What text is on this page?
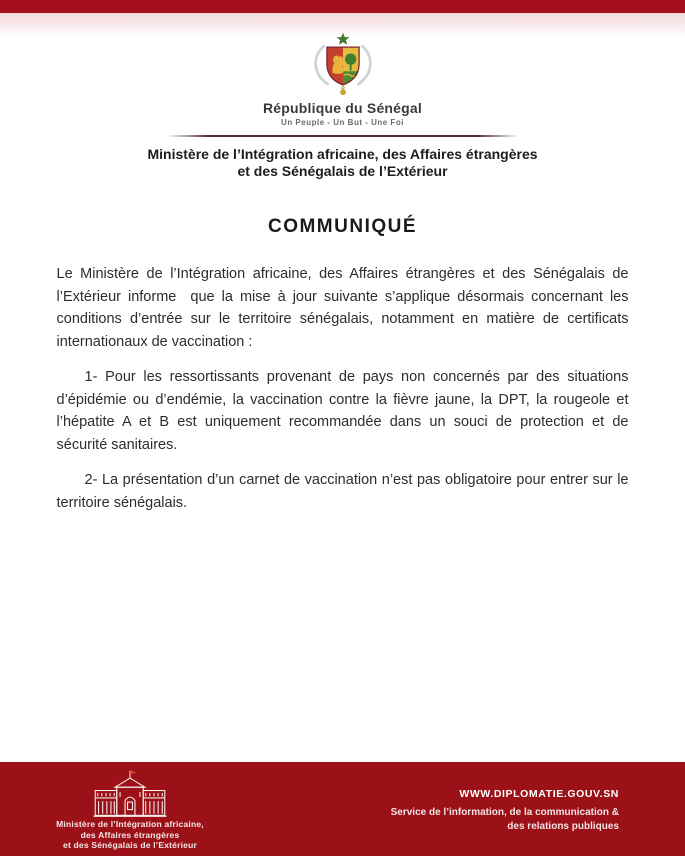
République du Sénégal
Un Peuple - Un But - Une Foi
Ministère de l’Intégration africaine, des Affaires étrangères
et des Sénégalais de l’Extérieur
COMMUNIQUÉ

Le Ministère de l’Intégration africaine, des Affaires étrangères et des Sénégalais de l’Extérieur informe  que la mise à jour suivante s’applique désormais concernant les conditions d’entrée sur le territoire sénégalais, notamment en matière de certificats internationaux de vaccination :

1- Pour les ressortissants provenant de pays non concernés par des situations d’épidémie ou d’endémie, la vaccination contre la fièvre jaune, la DPT, la rougeole et l’hépatite A et B est uniquement recommandée dans un souci de protection et de sécurité sanitaires.

2- La présentation d’un carnet de vaccination n’est pas obligatoire pour entrer sur le territoire sénégalais.

Ministère de l’Intégration africaine,
des Affaires étrangères
et des Sénégalais de l’Extérieur
WWW.DIPLOMATIE.GOUV.SN
Service de l’information, de la communication &
des relations publiques
